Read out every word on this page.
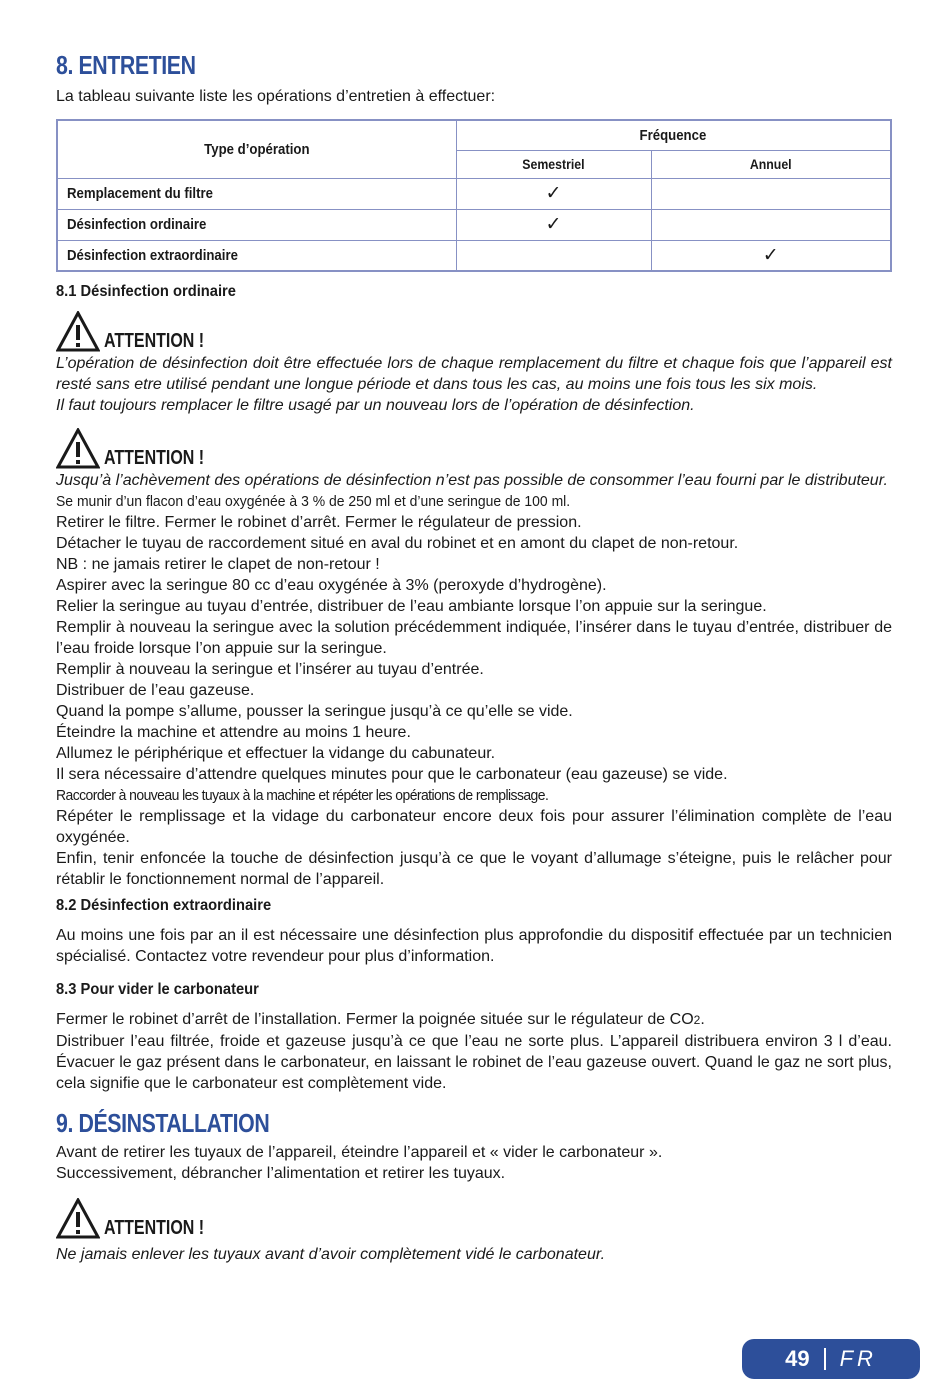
8. ENTRETIEN
La tableau suivante liste les opérations d’entretien à effectuer:
Type d’opération	Fréquence	
	Semestriel	Annuel
Remplacement du filtre	✓	
Désinfection ordinaire	✓	
Désinfection extraordinaire		✓
8.1 Désinfection ordinaire
ATTENTION !
L’opération de désinfection doit être effectuée lors de chaque remplacement du filtre et chaque fois que l’appareil est resté sans etre utilisé pendant une longue période et dans tous les cas, au moins une fois tous les six mois.
Il faut toujours remplacer le filtre usagé par un nouveau lors de l’opération de désinfection.
ATTENTION !
Jusqu’à l’achèvement des opérations de désinfection n’est pas possible de consommer l’eau fourni par le distributeur.
Se munir d’un flacon d’eau oxygénée à 3 % de 250 ml et d’une seringue de 100 ml.
Retirer le filtre. Fermer le robinet d’arrêt. Fermer le régulateur de pression.
Détacher le tuyau de raccordement situé en aval du robinet et en amont du clapet de non-retour.
NB : ne jamais retirer le clapet de non-retour !
Aspirer avec la seringue 80 cc d’eau oxygénée à 3% (peroxyde d’hydrogène).
Relier la seringue au tuyau d’entrée, distribuer de l’eau ambiante lorsque l’on appuie sur la seringue.
Remplir à nouveau la seringue avec la solution précédemment indiquée, l’insérer dans le tuyau d’entrée, distribuer de l’eau froide lorsque l’on appuie sur la seringue.
Remplir à nouveau la seringue et l’insérer au tuyau d’entrée.
Distribuer de l’eau gazeuse.
Quand la pompe s’allume, pousser la seringue jusqu’à ce qu’elle se vide.
Éteindre la machine et attendre au moins 1 heure.
Allumez le périphérique et effectuer la vidange du cabunateur.
Il sera nécessaire d’attendre quelques minutes pour que le carbonateur (eau gazeuse) se vide.
Raccorder à nouveau les tuyaux à la machine et répéter les opérations de remplissage.
Répéter le remplissage et la vidage du carbonateur encore deux fois pour assurer l’élimination complète de l’eau oxygénée.
Enfin, tenir enfoncée la touche de désinfection jusqu’à ce que le voyant d’allumage s’éteigne, puis le relâcher pour rétablir le fonctionnement normal de l’appareil.
8.2 Désinfection extraordinaire
Au moins une fois par an il est nécessaire une désinfection plus approfondie du dispositif effectuée par un technicien spécialisé. Contactez votre revendeur pour plus d’information.
8.3 Pour vider le carbonateur
Fermer le robinet d’arrêt de l’installation. Fermer la poignée située sur le régulateur de CO2.
Distribuer l’eau filtrée, froide et gazeuse jusqu’à ce que l’eau ne sorte plus. L’appareil distribuera environ 3 l d’eau. Évacuer le gaz présent dans le carbonateur, en laissant le robinet de l’eau gazeuse ouvert. Quand le gaz ne sort plus, cela signifie que le carbonateur est complètement vide.
9. DÉSINSTALLATION
Avant de retirer les tuyaux de l’appareil, éteindre l’appareil et « vider le carbonateur ».
Successivement, débrancher l’alimentation et retirer les tuyaux.
ATTENTION !
Ne jamais enlever les tuyaux avant d’avoir complètement vidé le carbonateur.
49 FR
